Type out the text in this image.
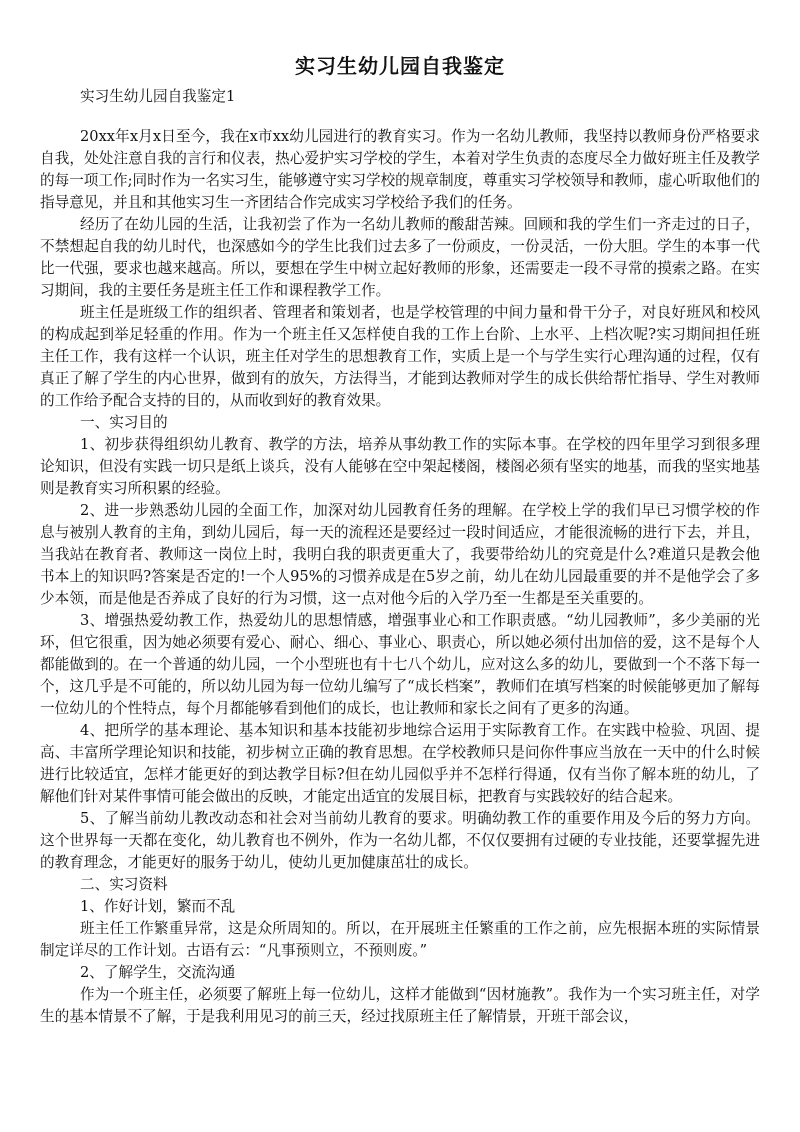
实习生幼儿园自我鉴定
实习生幼儿园自我鉴定1

20xx年x月x日至今，我在x市xx幼儿园进行的教育实习。作为一名幼儿教师，我坚持以教师身份严格要求自我，处处注意自我的言行和仪表，热心爱护实习学校的学生，本着对学生负责的态度尽全力做好班主任及教学的每一项工作;同时作为一名实习生，能够遵守实习学校的规章制度，尊重实习学校领导和教师，虚心听取他们的指导意见，并且和其他实习生一齐团结合作完成实习学校给予我们的任务。

经历了在幼儿园的生活，让我初尝了作为一名幼儿教师的酸甜苦辣。回顾和我的学生们一齐走过的日子，不禁想起自我的幼儿时代，也深感如今的学生比我们过去多了一份顽皮，一份灵活，一份大胆。学生的本事一代比一代强，要求也越来越高。所以，要想在学生中树立起好教师的形象，还需要走一段不寻常的摸索之路。在实习期间，我的主要任务是班主任工作和课程教学工作。

班主任是班级工作的组织者、管理者和策划者，也是学校管理的中间力量和骨干分子，对良好班风和校风的构成起到举足轻重的作用。作为一个班主任又怎样使自我的工作上台阶、上水平、上档次呢?实习期间担任班主任工作，我有这样一个认识，班主任对学生的思想教育工作，实质上是一个与学生实行心理沟通的过程，仅有真正了解了学生的内心世界，做到有的放矢，方法得当，才能到达教师对学生的成长供给帮忙指导、学生对教师的工作给予配合支持的目的，从而收到好的教育效果。

一、实习目的

1、初步获得组织幼儿教育、教学的方法，培养从事幼教工作的实际本事。在学校的四年里学习到很多理论知识，但没有实践一切只是纸上谈兵，没有人能够在空中架起楼阁，楼阁必须有坚实的地基，而我的坚实地基则是教育实习所积累的经验。

2、进一步熟悉幼儿园的全面工作，加深对幼儿园教育任务的理解。在学校上学的我们早已习惯学校的作息与被别人教育的主角，到幼儿园后，每一天的流程还是要经过一段时间适应，才能很流畅的进行下去，并且，当我站在教育者、教师这一岗位上时，我明白我的职责更重大了，我要带给幼儿的究竟是什么?难道只是教会他书本上的知识吗?答案是否定的!一个人95%的习惯养成是在5岁之前，幼儿在幼儿园最重要的并不是他学会了多少本领，而是他是否养成了良好的行为习惯，这一点对他今后的入学乃至一生都是至关重要的。

3、增强热爱幼教工作，热爱幼儿的思想情感，增强事业心和工作职责感。“幼儿园教师”，多少美丽的光环，但它很重，因为她必须要有爱心、耐心、细心、事业心、职责心，所以她必须付出加倍的爱，这不是每个人都能做到的。在一个普通的幼儿园，一个小型班也有十七八个幼儿，应对这么多的幼儿，要做到一个不落下每一个，这几乎是不可能的，所以幼儿园为每一位幼儿编写了“成长档案”，教师们在填写档案的时候能够更加了解每一位幼儿的个性特点，每个月都能够看到他们的成长，也让教师和家长之间有了更多的沟通。

4、把所学的基本理论、基本知识和基本技能初步地综合运用于实际教育工作。在实践中检验、巩固、提高、丰富所学理论知识和技能，初步树立正确的教育思想。在学校教师只是问你件事应当放在一天中的什么时候进行比较适宜，怎样才能更好的到达教学目标?但在幼儿园似乎并不怎样行得通，仅有当你了解本班的幼儿，了解他们针对某件事情可能会做出的反映，才能定出适宜的发展目标，把教育与实践较好的结合起来。

5、了解当前幼儿教改动态和社会对当前幼儿教育的要求。明确幼教工作的重要作用及今后的努力方向。这个世界每一天都在变化，幼儿教育也不例外，作为一名幼儿都，不仅仅要拥有过硬的专业技能，还要掌握先进的教育理念，才能更好的服务于幼儿，使幼儿更加健康茁壮的成长。

二、实习资料

1、作好计划，繁而不乱

班主任工作繁重异常，这是众所周知的。所以，在开展班主任繁重的工作之前，应先根据本班的实际情景制定详尽的工作计划。古语有云：“凡事预则立，不预则废。”

2、了解学生，交流沟通

作为一个班主任，必须要了解班上每一位幼儿，这样才能做到“因材施教”。我作为一个实习班主任，对学生的基本情景不了解，于是我利用见习的前三天，经过找原班主任了解情景，开班干部会议，
